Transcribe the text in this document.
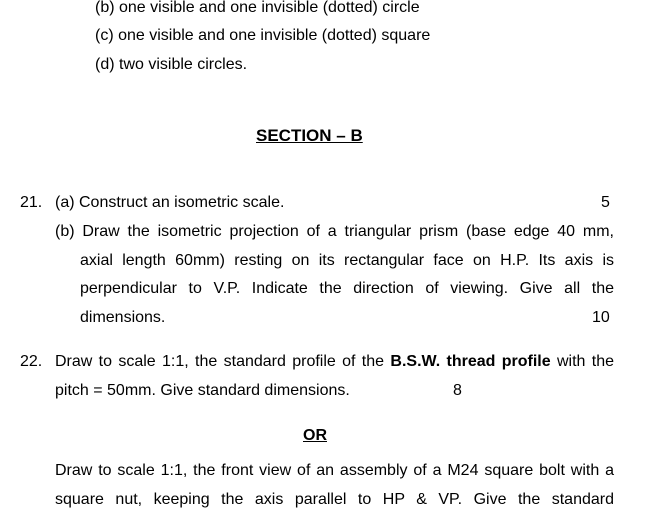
(b) one visible and one invisible (dotted) circle
(c) one visible and one invisible (dotted) square
(d) two visible circles.
SECTION – B
21. (a) Construct an isometric scale.	5
(b) Draw the isometric projection of a triangular prism (base edge 40 mm,
axial length 60mm) resting on its rectangular face on H.P. Its axis is
perpendicular to V.P. Indicate the direction of viewing. Give all the
dimensions.	10
22. Draw to scale 1:1, the standard profile of the B.S.W. thread profile with the
pitch = 50mm. Give standard dimensions.	8
OR
Draw to scale 1:1, the front view of an assembly of a M24 square bolt with a
square nut, keeping the axis parallel to HP & VP. Give the standard
